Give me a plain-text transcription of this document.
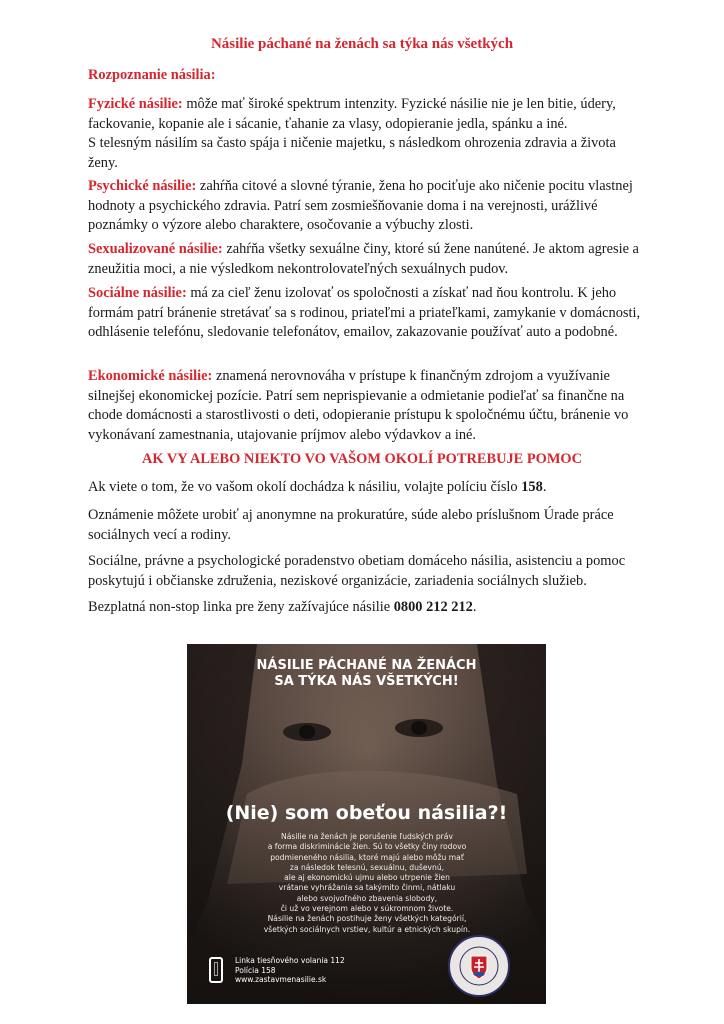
Násilie páchané na ženách sa týka nás všetkých
Rozpoznanie násilia:

Fyzické násilie: môže mať široké spektrum intenzity. Fyzické násilie nie je len bitie, údery, fackovanie, kopanie ale i sácanie, ťahanie za vlasy, odopieranie jedla, spánku a iné.

S telesným násilím sa často spája i ničenie majetku, s následkom ohrozenia zdravia a života ženy.

Psychické násilie: zahŕňa citové a slovné týranie, žena ho pociťuje ako ničenie pocitu vlastnej hodnoty a psychického zdravia. Patrí sem zosmiešňovanie doma i na verejnosti, urážlivé poznámky o výzore alebo charaktere, osočovanie a výbuchy zlosti.

Sexualizované násilie: zahŕňa všetky sexuálne činy, ktoré sú žene nanútené. Je aktom agresie a zneužitia moci, a nie výsledkom nekontrolovateľných sexuálnych pudov.

Sociálne násilie: má za cieľ ženu izolovať os spoločnosti a získať nad ňou kontrolu. K jeho formám patrí bránenie stretávať sa s rodinou, priateľmi a priateľkami, zamykanie v domácnosti, odhlásenie telefónu, sledovanie telefonátov, emailov, zakazovanie používať auto a podobné.

Ekonomické násilie: znamená nerovnováha v prístupe k finančným zdrojom a využívanie silnejšej ekonomickej pozície. Patrí sem neprispievanie a odmietanie podieľať sa finančne na chode domácnosti a starostlivosti o deti, odopieranie prístupu k spoločnému účtu, bránenie vo vykonávaní zamestnania, utajovanie príjmov alebo výdavkov a iné.

AK VY ALEBO NIEKTO VO VAŠOM OKOLÍ POTREBUJE POMOC

Ak viete o tom, že vo vašom okolí dochádza k násiliu, volajte políciu číslo 158.

Oznámenie môžete urobiť aj anonymne na prokuratúre, súde alebo príslušnom Úrade práce sociálnych vecí a rodiny.

Sociálne, právne a psychologické poradenstvo obetiam domáceho násilia, asistenciu a pomoc poskytujú i občianske združenia, neziskové organizácie, zariadenia sociálnych služieb.

Bezplatná non-stop linka pre ženy zažívajúce násilie 0800 212 212.

NÁSILIE PÁCHANÉ NA ŽENÁCH
SA TÝKA NÁS VŠETKÝCH!
(Nie) som obeťou násilia?!
Násilie na ženách je porušenie ľudských práv
a forma diskriminácie žien. Sú to všetky činy rodovo
podmieneného násilia, ktoré majú alebo môžu mať
za následok telesnú, sexuálnu, duševnú,
ale aj ekonomickú ujmu alebo utrpenie žien
vrátane vyhrážania sa takýmito činmi, nátlaku
alebo svojvoľného zbavenia slobody,
či už vo verejnom alebo v súkromnom živote.
Násilie na ženách postihuje ženy všetkých kategórií,
všetkých sociálnych vrstiev, kultúr a etnických skupín.
Linka tiesňového volania 112
Polícia 158
www.zastavmenasilie.sk
